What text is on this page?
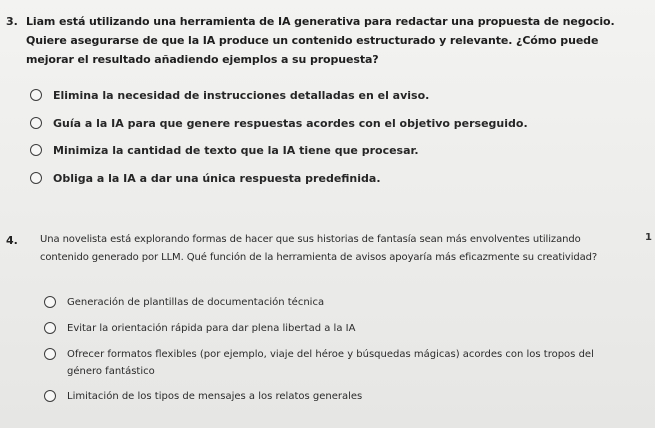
3. Liam está utilizando una herramienta de IA generativa para redactar una propuesta de negocio. Quiere asegurarse de que la IA produce un contenido estructurado y relevante. ¿Cómo puede mejorar el resultado añadiendo ejemplos a su propuesta?
Elimina la necesidad de instrucciones detalladas en el aviso.
Guía a la IA para que genere respuestas acordes con el objetivo perseguido.
Minimiza la cantidad de texto que la IA tiene que procesar.
Obliga a la IA a dar una única respuesta predefinida.
4. Una novelista está explorando formas de hacer que sus historias de fantasía sean más envolventes utilizando contenido generado por LLM. Qué función de la herramienta de avisos apoyaría más eficazmente su creatividad?
1
Generación de plantillas de documentación técnica
Evitar la orientación rápida para dar plena libertad a la IA
Ofrecer formatos flexibles (por ejemplo, viaje del héroe y búsquedas mágicas) acordes con los tropos del género fantástico
Limitación de los tipos de mensajes a los relatos generales
